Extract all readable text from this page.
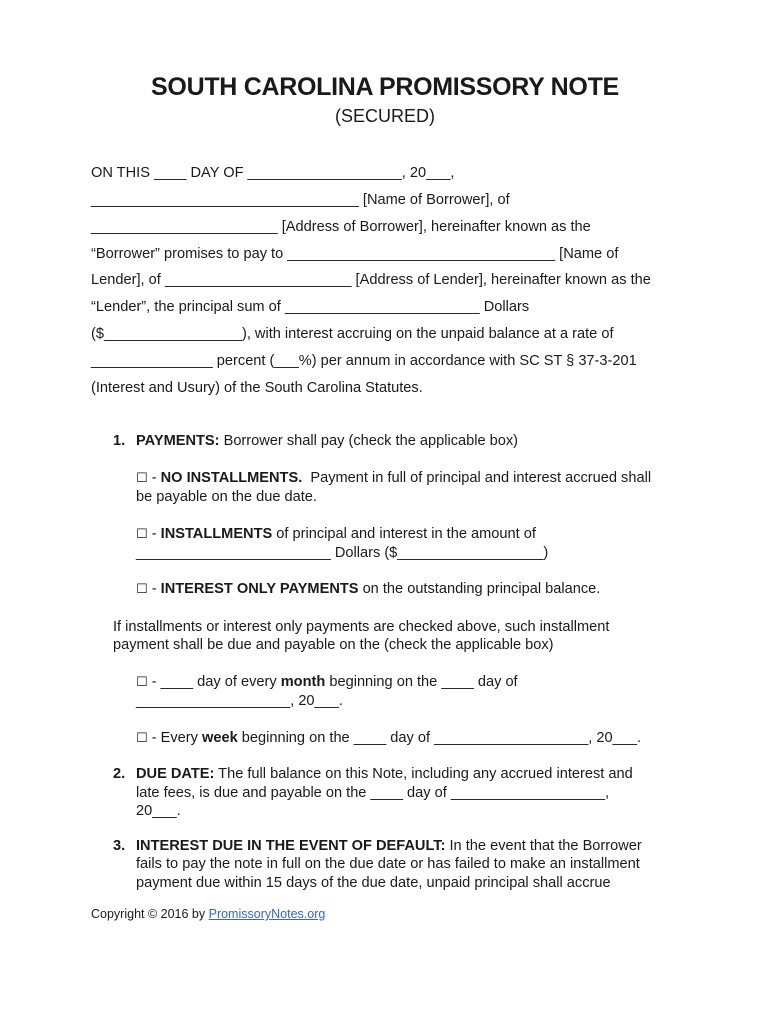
SOUTH CAROLINA PROMISSORY NOTE
(SECURED)
ON THIS ____ DAY OF ___________________, 20___,
_________________________________ [Name of Borrower], of
_______________________ [Address of Borrower], hereinafter known as the
“Borrower” promises to pay to _________________________________ [Name of
Lender], of _______________________ [Address of Lender], hereinafter known as the
“Lender”, the principal sum of ________________________ Dollars
($_________________), with interest accruing on the unpaid balance at a rate of
_______________ percent (___%) per annum in accordance with SC ST § 37-3-201
(Interest and Usury) of the South Carolina Statutes.
1. PAYMENTS: Borrower shall pay (check the applicable box)
☐ - NO INSTALLMENTS.  Payment in full of principal and interest accrued shall
be payable on the due date.
☐ - INSTALLMENTS of principal and interest in the amount of
________________________ Dollars ($__________________)
☐ - INTEREST ONLY PAYMENTS on the outstanding principal balance.
If installments or interest only payments are checked above, such installment
payment shall be due and payable on the (check the applicable box)
☐ - ____ day of every month beginning on the ____ day of
___________________, 20___.
☐ - Every week beginning on the ____ day of ___________________, 20___.
2. DUE DATE: The full balance on this Note, including any accrued interest and
late fees, is due and payable on the ____ day of ___________________,
20___.
3. INTEREST DUE IN THE EVENT OF DEFAULT: In the event that the Borrower
fails to pay the note in full on the due date or has failed to make an installment
payment due within 15 days of the due date, unpaid principal shall accrue
Copyright © 2016 by PromissoryNotes.org
